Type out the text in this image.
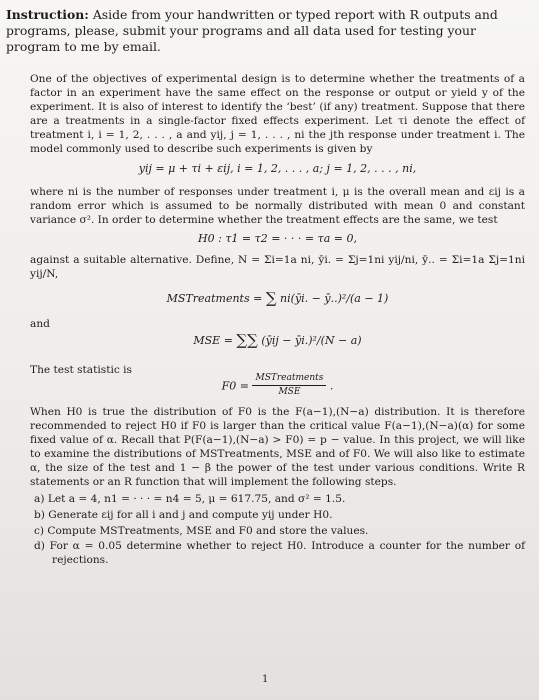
Instruction: Aside from your handwritten or typed report with R outputs and programs, please, submit your programs and all data used for testing your program to me by email.

One of the objectives of experimental design is to determine whether the treatments of a factor in an experiment have the same effect on the response or output or yield y of the experiment. It is also of interest to identify the ‘best’ (if any) treatment. Suppose that there are a treatments in a single-factor fixed effects experiment. Let τi denote the effect of treatment i, i = 1, 2, . . . , a and yij, j = 1, . . . , ni the jth response under treatment i. The model commonly used to describe such experiments is given by

yij = μ + τi + εij, i = 1, 2, . . . , a; j = 1, 2, . . . , ni,

where ni is the number of responses under treatment i, μ is the overall mean and εij is a random error which is assumed to be normally distributed with mean 0 and constant variance σ². In order to determine whether the treatment effects are the same, we test

H0 : τ1 = τ2 = · · · = τa = 0,

against a suitable alternative. Define, N = Σi=1a ni, ȳi. = Σj=1ni yij/ni, ȳ.. = Σi=1a Σj=1ni yij/N,

MSTreatments = ∑ ni(ȳi. − ȳ..)²/(a − 1)

and

MSE = ∑∑ (ȳij − ȳi.)²/(N − a)

The test statistic is

$F0 = \frac{\text{MSTreatments}}{\text{MSE}}$ .

When H0 is true the distribution of F0 is the F(a−1),(N−a) distribution. It is therefore recommended to reject H0 if F0 is larger than the critical value F(a−1),(N−a)(α) for some fixed value of α. Recall that P(F(a−1),(N−a) > F0) = p − value. In this project, we will like to examine the distributions of MSTreatments, MSE and of F0. We will also like to estimate α, the size of the test and 1 − β the power of the test under various conditions. Write R statements or an R function that will implement the following steps.

a) Let a = 4, n1 = · · · = n4 = 5, μ = 617.75, and σ² = 1.5.
b) Generate εij for all i and j and compute yij under H0.
c) Compute MSTreatments, MSE and F0 and store the values.
d) For α = 0.05 determine whether to reject H0. Introduce a counter for the number of rejections.
1
